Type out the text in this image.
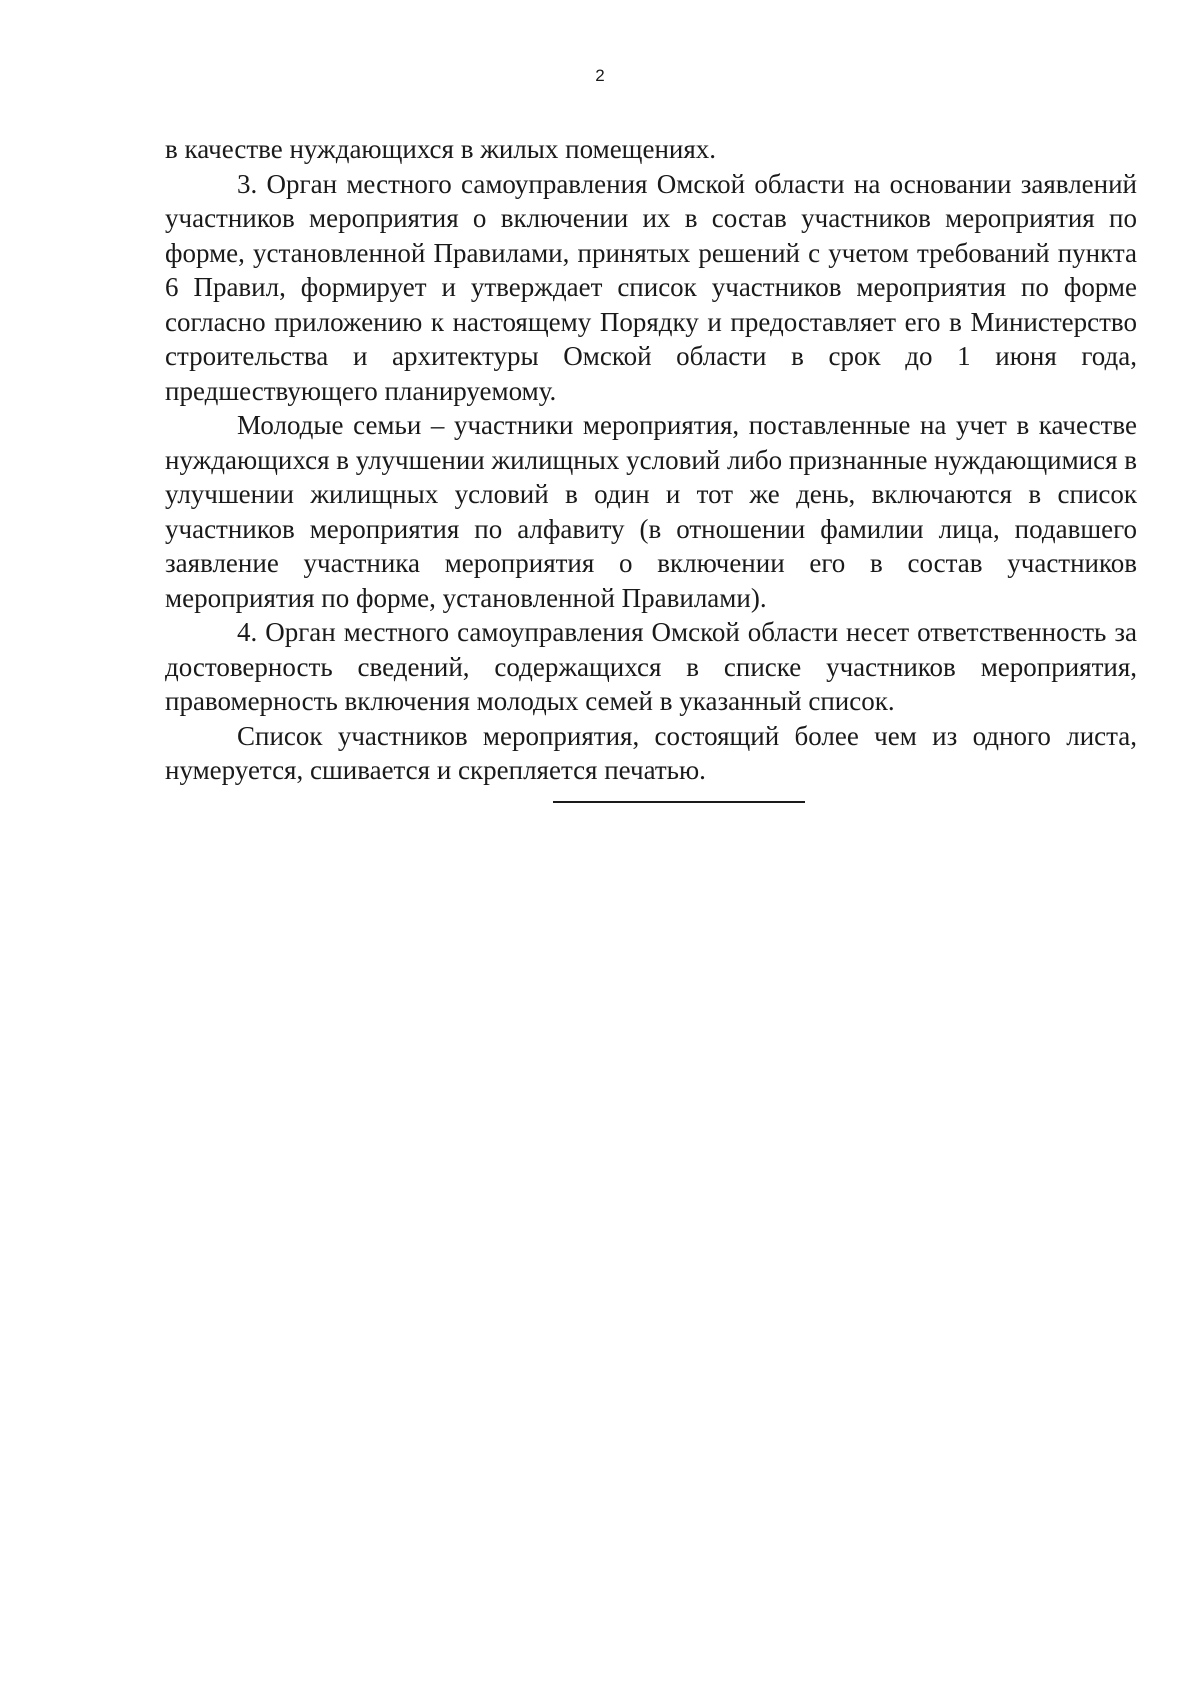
2

в качестве нуждающихся в жилых помещениях.

3. Орган местного самоуправления Омской области на основании заявлений участников мероприятия о включении их в состав участников мероприятия по форме, установленной Правилами, принятых решений с учетом требований пункта 6 Правил, формирует и утверждает список участников мероприятия по форме согласно приложению к настоящему Порядку и предоставляет его в Министерство строительства и архитектуры Омской области в срок до 1 июня года, предшествующего планируемому.

Молодые семьи – участники мероприятия, поставленные на учет в качестве нуждающихся в улучшении жилищных условий либо признанные нуждающимися в улучшении жилищных условий в один и тот же день, включаются в список участников мероприятия по алфавиту (в отношении фамилии лица, подавшего заявление участника мероприятия о включении его в состав участников мероприятия по форме, установленной Правилами).

4. Орган местного самоуправления Омской области несет ответственность за достоверность сведений, содержащихся в списке участников мероприятия, правомерность включения молодых семей в указанный список.

Список участников мероприятия, состоящий более чем из одного листа, нумеруется, сшивается и скрепляется печатью.
